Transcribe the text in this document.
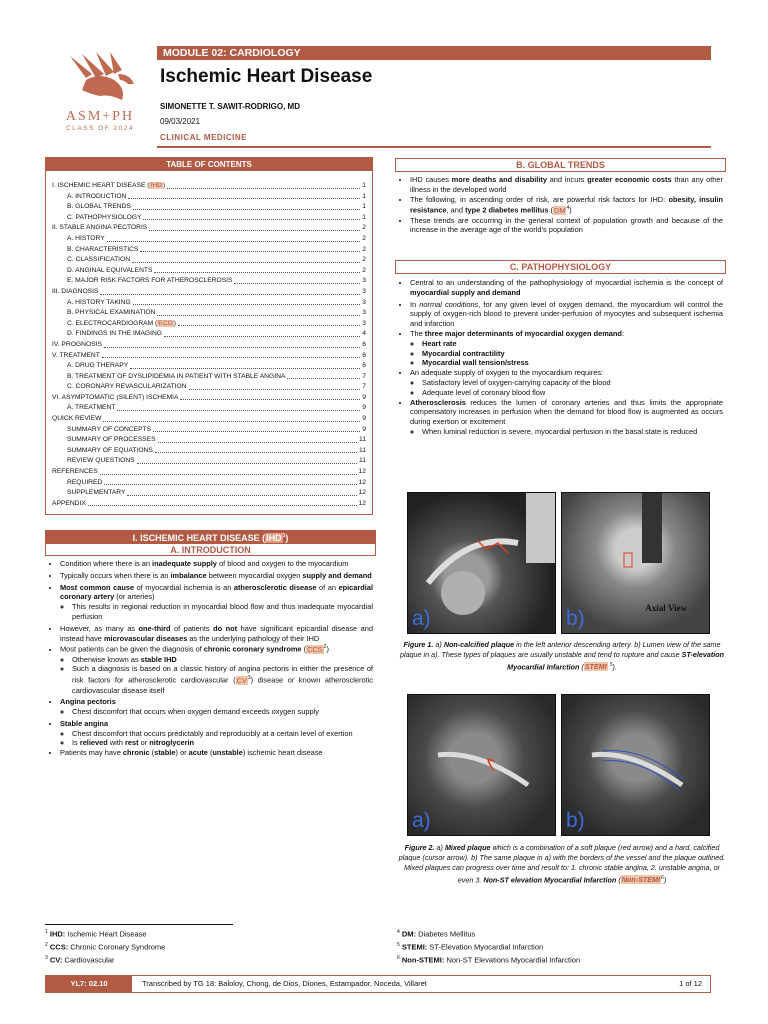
ASM+PH
CLASS OF 2024
MODULE 02: CARDIOLOGY
Ischemic Heart Disease
SIMONETTE T. SAWIT-RODRIGO, MD
09/03/2021
CLINICAL MEDICINE
TABLE OF CONTENTS
I. ISCHEMIC HEART DISEASE (IHD)	1
A. INTRODUCTION	1
B. GLOBAL TRENDS	1
C. PATHOPHYSIOLOGY	1
II. STABLE ANGINA PECTORIS	2
A. HISTORY	2
B. CHARACTERISTICS	2
C. CLASSIFICATION	2
D. ANGINAL EQUIVALENTS	2
E. MAJOR RISK FACTORS FOR ATHEROSCLEROSIS	3
III. DIAGNOSIS	3
A. HISTORY TAKING	3
B. PHYSICAL EXAMINATION	3
C. ELECTROCARDIOGRAM (ECG)	3
D. FINDINGS IN THE IMAGING	4
IV. PROGNOSIS	6
V. TREATMENT	6
A. DRUG THERAPY	6
B. TREATMENT OF DYSLIPIDEMIA IN PATIENT WITH STABLE ANGINA	7
C. CORONARY REVASCULARIZATION	7
VI. ASYMPTOMATIC (SILENT) ISCHEMIA	9
A. TREATMENT	9
QUICK REVIEW	9
SUMMARY OF CONCEPTS	9
SUMMARY OF PROCESSES	11
SUMMARY OF EQUATIONS	11
REVIEW QUESTIONS	11
REFERENCES	12
REQUIRED	12
SUPPLEMENTARY	12
APPENDIX	12
I. ISCHEMIC HEART DISEASE (IHD$^1$)
A. INTRODUCTION
• Condition where there is an inadequate supply of blood and oxygen to the myocardium
• Typically occurs when there is an imbalance between myocardial oxygen supply and demand
• Most common cause of myocardial ischemia is an atherosclerotic disease of an epicardial coronary artery (or arteries)
◦ This results in regional reduction in myocardial blood flow and thus inadequate myocardial perfusion
• However, as many as one-third of patients do not have significant epicardial disease and instead have microvascular diseases as the underlying pathology of their IHD
• Most patients can be given the diagnosis of chronic coronary syndrome (CCS$^2$)
◦ Otherwise known as stable IHD
◦ Such a diagnosis is based on a classic history of angina pectoris in either the presence of risk factors for atherosclerotic cardiovascular $(CV^3)$ disease or known atherosclerotic cardiovascular disease itself
• Angina pectoris
◦ Chest discomfort that occurs when oxygen demand exceeds oxygen supply
• Stable angina
◦ Chest discomfort that occurs predictably and reproducibly at a certain level of exertion
◦ Is relieved with rest or nitroglycerin
• Patients may have chronic (stable) or acute (unstable) ischemic heart disease
B. GLOBAL TRENDS
• IHD causes more deaths and disability and incurs greater economic costs than any other illness in the developed world
• The following, in ascending order of risk, are powerful risk factors for IHD: obesity, insulin resistance, and type 2 diabetes mellitus $(DM^4)$
• These trends are occurring in the general context of population growth and because of the increase in the average age of the world’s population
C. PATHOPHYSIOLOGY
• Central to an understanding of the pathophysiology of myocardial ischemia is the concept of myocardial supply and demand
• In normal conditions, for any given level of oxygen demand, the myocardium will control the supply of oxygen-rich blood to prevent under-perfusion of myocytes and subsequent ischemia and infarction
• The three major determinants of myocardial oxygen demand:
◦ Heart rate
◦ Myocardial contractility
◦ Myocardial wall tension/stress
• An adequate supply of oxygen to the myocardium requires:
◦ Satisfactory level of oxygen-carrying capacity of the blood
◦ Adequate level of coronary blood flow
• Atherosclerosis reduces the lumen of coronary arteries and thus limits the appropriate compensatory increases in perfusion when the demand for blood flow is augmented as occurs during exertion or excitement
◦ When luminal reduction is severe, myocardial perfusion in the basal state is reduced
a)	b)	Axial View
Figure 1. a) Non-calcified plaque in the left anterior descending artery. b) Lumen view of the same plaque in a). These types of plaques are usually unstable and tend to rupture and cause ST-elevation Myocardial Infarction (STEMI $^5$).
a)	b)
Figure 2. a) Mixed plaque which is a combination of a soft plaque (red arrow) and a hard, calcified plaque (cursor arrow). b) The same plaque in a) with the borders of the vessel and the plaque outlined. Mixed plaques can progress over time and result to: 1. chronic stable angina, 2. unstable angina, or even 3. Non-ST elevation Myocardial Infarction (Non-STEMI$^6$)
$^1$ IHD: Ischemic Heart Disease
$^2$ CCS: Chronic Coronary Syndrome
$^3$ CV: Cardiovascular
$^4$ DM: Diabetes Mellitus
$^5$ STEMI: ST-Elevation Myocardial Infarction
$^6$ Non-STEMI: Non-ST Elevations Myocardial Infarction
YL7: 02.10	Transcribed by TG 18: Baloloy, Chong, de Dios, Diones, Estampador, Noceda, Villaret	1 of 12
